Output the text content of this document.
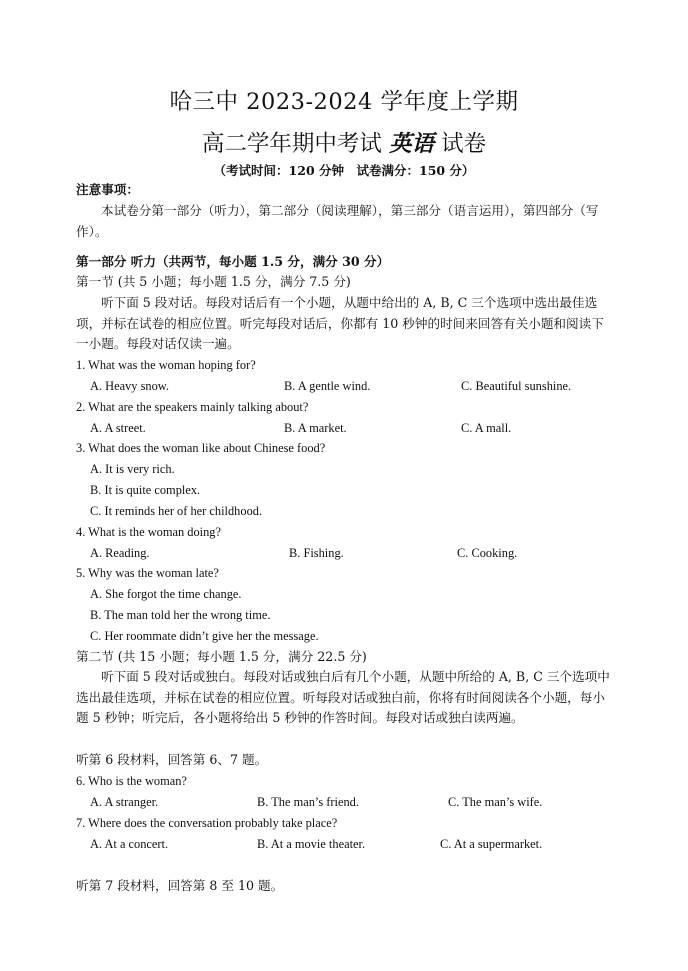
哈三中 2023-2024 学年度上学期
高二学年期中考试 英语 试卷
（考试时间：120 分钟　试卷满分：150 分）
注意事项：
本试卷分第一部分（听力），第二部分（阅读理解），第三部分（语言运用），第四部分（写作）。
第一部分 听力（共两节，每小题 1.5 分，满分 30 分）
第一节 (共 5 小题；每小题 1.5 分，满分 7.5 分)
听下面 5 段对话。每段对话后有一个小题，从题中给出的 A, B, C 三个选项中选出最佳选项，并标在试卷的相应位置。听完每段对话后，你都有 10 秒钟的时间来回答有关小题和阅读下一小题。每段对话仅读一遍。
1. What was the woman hoping for?
A. Heavy snow.	B. A gentle wind.	C. Beautiful sunshine.
2. What are the speakers mainly talking about?
A. A street.	B. A market.	C. A mall.
3. What does the woman like about Chinese food?
A. It is very rich.
B. It is quite complex.
C. It reminds her of her childhood.
4. What is the woman doing?
A. Reading.	B. Fishing.	C. Cooking.
5. Why was the woman late?
A. She forgot the time change.
B. The man told her the wrong time.
C. Her roommate didn’t give her the message.
第二节 (共 15 小题；每小题 1.5 分，满分 22.5 分)
听下面 5 段对话或独白。每段对话或独白后有几个小题，从题中所给的 A, B, C 三个选项中选出最佳选项，并标在试卷的相应位置。听每段对话或独白前，你将有时间阅读各个小题，每小题 5 秒钟；听完后，各小题将给出 5 秒钟的作答时间。每段对话或独白读两遍。
听第 6 段材料，回答第 6、7 题。
6. Who is the woman?
A. A stranger.	B. The man’s friend.	C. The man’s wife.
7. Where does the conversation probably take place?
A. At a concert.	B. At a movie theater.	C. At a supermarket.
听第 7 段材料，回答第 8 至 10 题。
